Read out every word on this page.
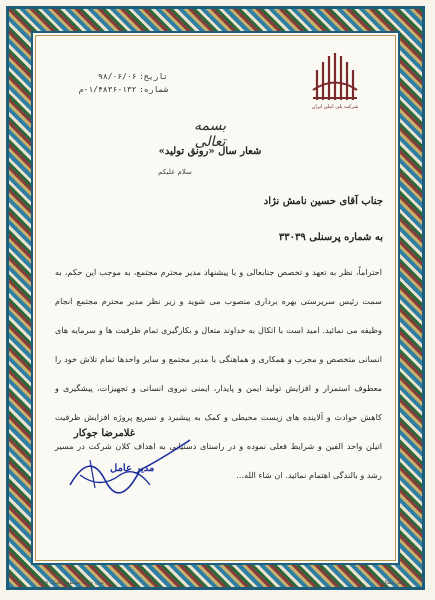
شرکت پلی اتیلن ایران
تاریخ: ۹۸/۰۶/۰۶
شماره: ۱۳۲-۱/۴۸۳۶-م
بسمه تعالی
شعار سال «رونق تولید»
سلام علیکم
جناب آقای حسین نامش نژاد
به شماره پرسنلی ۳۳۰۳۹
احتراماً، نظر به تعهد و تخصص جنابعالی و با پیشنهاد مدیر محترم مجتمع، به موجب این حکم، به سمت رئیس سرپرستی بهره برداری منصوب می شوید و زیر نظر مدیر محترم مجتمع انجام وظیفه می نمائید. امید است با اتکال به خداوند متعال و بکارگیری تمام ظرفیت ها و سرمایه های انسانی متخصص و مجرب و همکاری و هماهنگی با مدیر مجتمع و سایر واحدها تمام تلاش خود را معطوف استمرار و افزایش تولید ایمن و پایدار، ایمنی نیروی انسانی و تجهیزات، پیشگیری و کاهش حوادث و آلاینده های زیست محیطی و کمک به پیشبرد و تسریع پروژه افزایش ظرفیت اتیلن واحد الفین و شرایط فعلی نموده و در راستای دستیابی به اهداف کلان شرکت در مسیر رشد و بالندگی اهتمام نمائید. ان شاء الله...
غلامرضا جوکار
مدیر عامل
مدل چاپ: مسطح / تعداد: ۲۱۹	دفتر مطالعه
